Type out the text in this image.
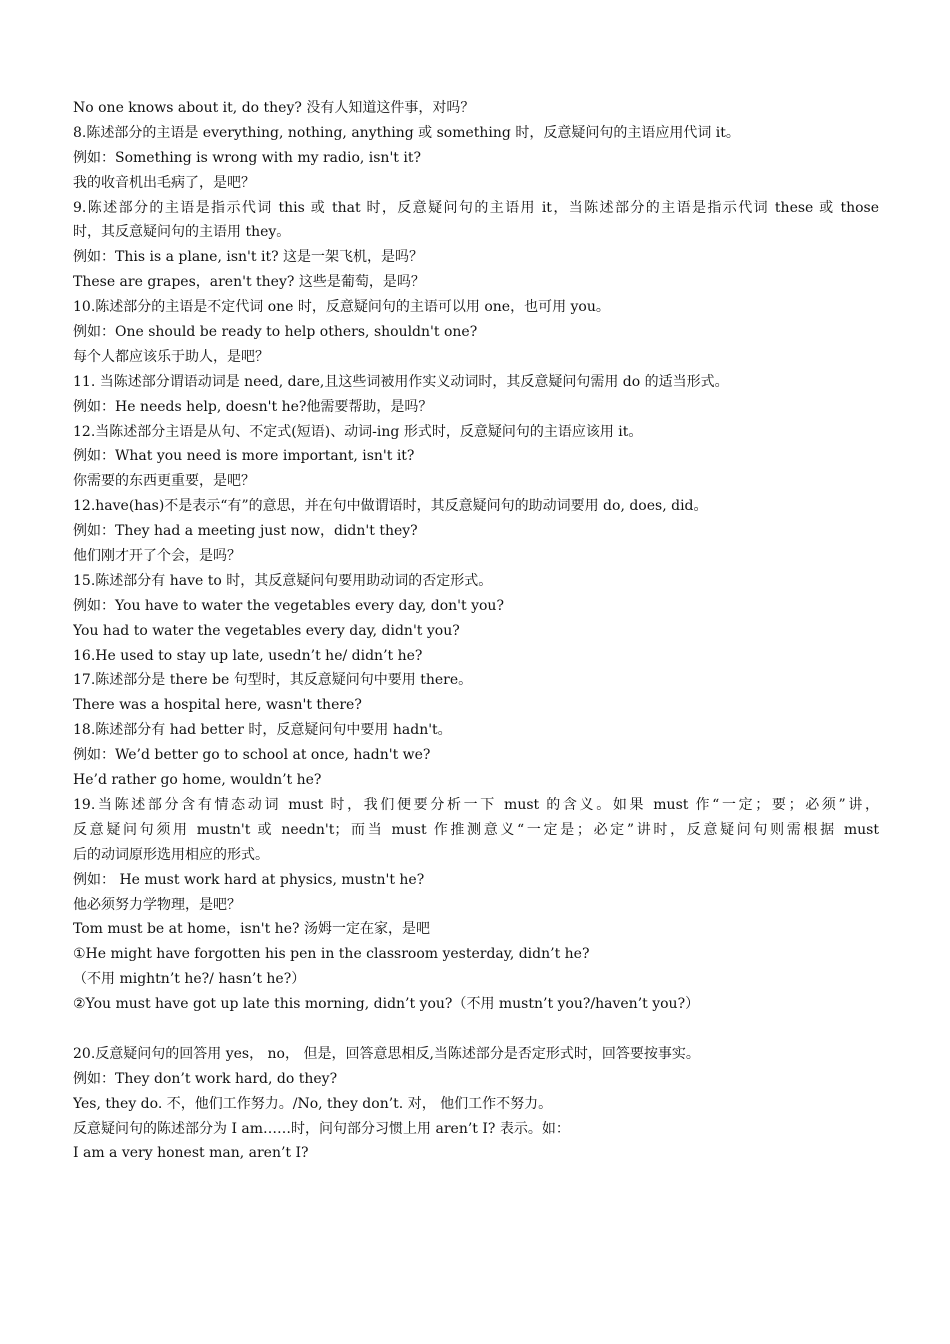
No one knows about it, do they? 没有人知道这件事，对吗？
8.陈述部分的主语是 everything, nothing, anything 或 something 时，反意疑问句的主语应用代词 it。
例如：Something is wrong with my radio, isn't it?
我的收音机出毛病了，是吧？
9.陈述部分的主语是指示代词 this 或 that 时，反意疑问句的主语用 it，当陈述部分的主语是指示代词 these 或 those
时，其反意疑问句的主语用 they。
例如：This is a plane, isn't it? 这是一架飞机，是吗？
These are grapes，aren't they? 这些是葡萄，是吗？
10.陈述部分的主语是不定代词 one 时，反意疑问句的主语可以用 one，也可用 you。
例如：One should be ready to help others, shouldn't one?
每个人都应该乐于助人，是吧？
11. 当陈述部分谓语动词是 need, dare,且这些词被用作实义动词时，其反意疑问句需用 do 的适当形式。
例如：He needs help, doesn't he?他需要帮助，是吗？
12.当陈述部分主语是从句、不定式(短语)、动词-ing 形式时，反意疑问句的主语应该用 it。
例如：What you need is more important, isn't it?
你需要的东西更重要，是吧？
12.have(has)不是表示“有”的意思，并在句中做谓语时，其反意疑问句的助动词要用 do, does, did。
例如：They had a meeting just now，didn't they?
他们刚才开了个会，是吗？
15.陈述部分有 have to 时，其反意疑问句要用助动词的否定形式。
例如：You have to water the vegetables every day, don't you?
You had to water the vegetables every day, didn't you?
16.He used to stay up late, usedn’t he/ didn’t he?
17.陈述部分是 there be 句型时，其反意疑问句中要用 there。
There was a hospital here, wasn't there?
18.陈述部分有 had better 时，反意疑问句中要用 hadn't。
例如：We’d better go to school at once, hadn't we?
He’d rather go home, wouldn’t he?
19.当陈述部分含有情态动词 must 时，我们便要分析一下 must 的含义。如果 must 作“一定；要；必须”讲，
反意疑问句须用 mustn't 或 needn't；而当 must 作推测意义“一定是；必定”讲时，反意疑问句则需根据 must
后的动词原形选用相应的形式。
例如： He must work hard at physics, mustn't he?
他必须努力学物理，是吧？
Tom must be at home，isn't he? 汤姆一定在家，是吧
①He might have forgotten his pen in the classroom yesterday, didn’t he?
（不用 mightn’t he?/ hasn’t he?）
②You must have got up late this morning, didn’t you?（不用 mustn’t you?/haven’t you?）
20.反意疑问句的回答用 yes， no， 但是，回答意思相反,当陈述部分是否定形式时，回答要按事实。
例如：They don’t work hard, do they?
Yes, they do. 不，他们工作努力。/No, they don’t. 对， 他们工作不努力。
反意疑问句的陈述部分为 I am……时，问句部分习惯上用 aren’t I? 表示。如：
I am a very honest man, aren’t I?
